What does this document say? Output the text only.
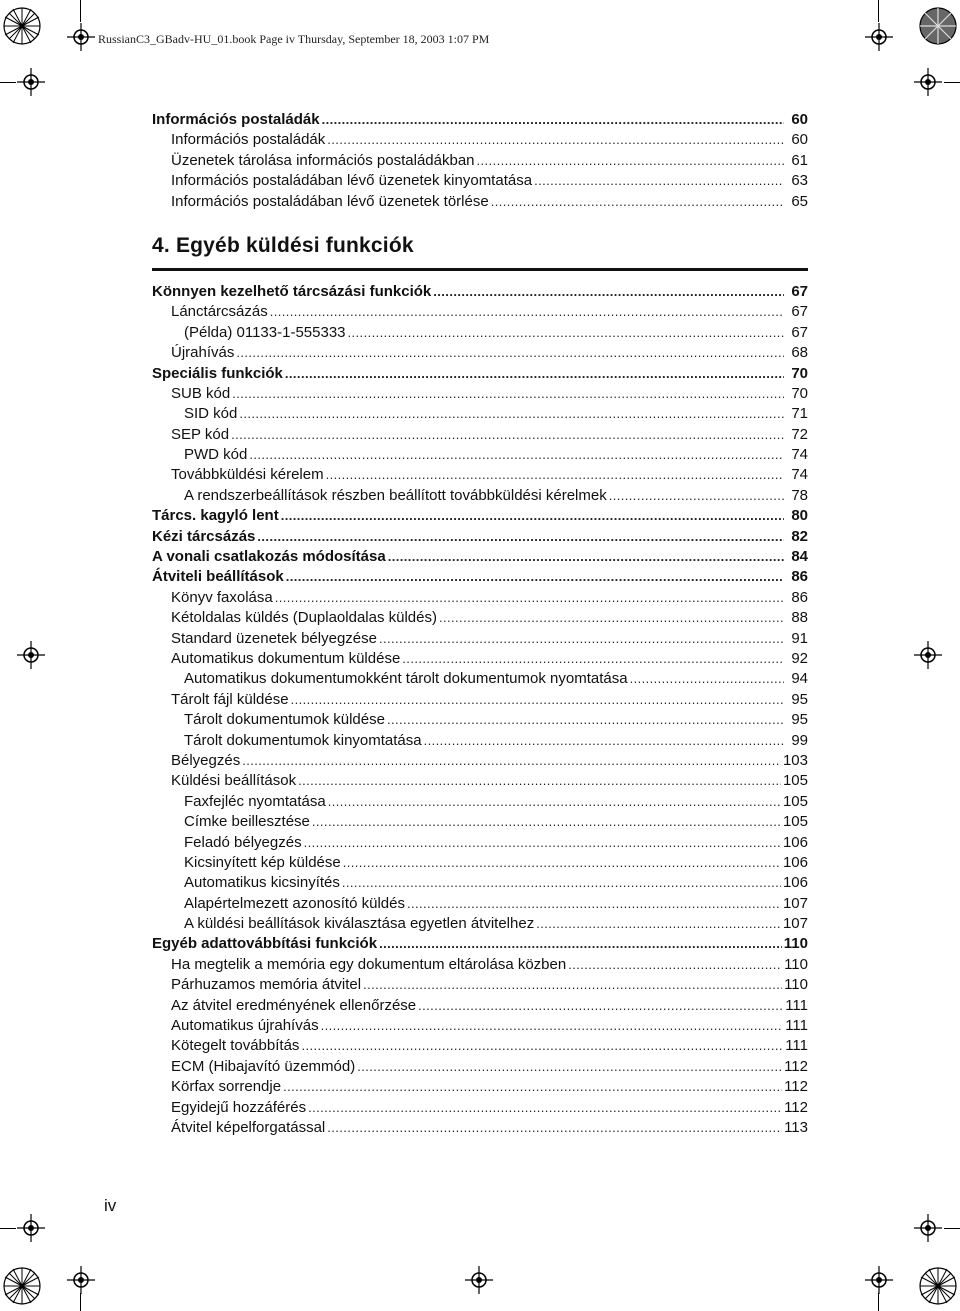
RussianC3_GBadv-HU_01.book Page iv Thursday, September 18, 2003 1:07 PM
Információs postaládák .....	60
Információs postaládák .....	60
Üzenetek tárolása információs postaládákban .....	61
Információs postaládában lévő üzenetek kinyomtatása .....	63
Információs postaládában lévő üzenetek törlése .....	65
4. Egyéb küldési funkciók
Könnyen kezelhető tárcsázási funkciók .....	67
Lánctárcsázás .....	67
(Példa) 01133-1-555333 .....	67
Újrahívás .....	68
Speciális funkciók .....	70
SUB kód .....	70
SID kód .....	71
SEP kód .....	72
PWD kód .....	74
Továbbküldési kérelem .....	74
A rendszerbeállítások részben beállított továbbküldési kérelmek .....	78
Tárcs. kagyló lent .....	80
Kézi tárcsázás .....	82
A vonali csatlakozás módosítása .....	84
Átviteli beállítások .....	86
Könyv faxolása .....	86
Kétoldalas küldés (Duplaoldalas küldés) .....	88
Standard üzenetek bélyegzése .....	91
Automatikus dokumentum küldése .....	92
Automatikus dokumentumokként tárolt dokumentumok nyomtatása .....	94
Tárolt fájl küldése .....	95
Tárolt dokumentumok küldése .....	95
Tárolt dokumentumok kinyomtatása .....	99
Bélyegzés .....	103
Küldési beállítások .....	105
Faxfejléc nyomtatása .....	105
Címke beillesztése .....	105
Feladó bélyegzés .....	106
Kicsinyített kép küldése .....	106
Automatikus kicsinyítés .....	106
Alapértelmezett azonosító küldés .....	107
A küldési beállítások kiválasztása egyetlen átvitelhez .....	107
Egyéb adattovábbítási funkciók .....	110
Ha megtelik a memória egy dokumentum eltárolása közben .....	110
Párhuzamos memória átvitel .....	110
Az átvitel eredményének ellenőrzése .....	111
Automatikus újrahívás .....	111
Kötegelt továbbítás .....	111
ECM (Hibajavító üzemmód) .....	112
Körfax sorrendje .....	112
Egyidejű hozzáférés .....	112
Átvitel képelforgatással .....	113
iv
